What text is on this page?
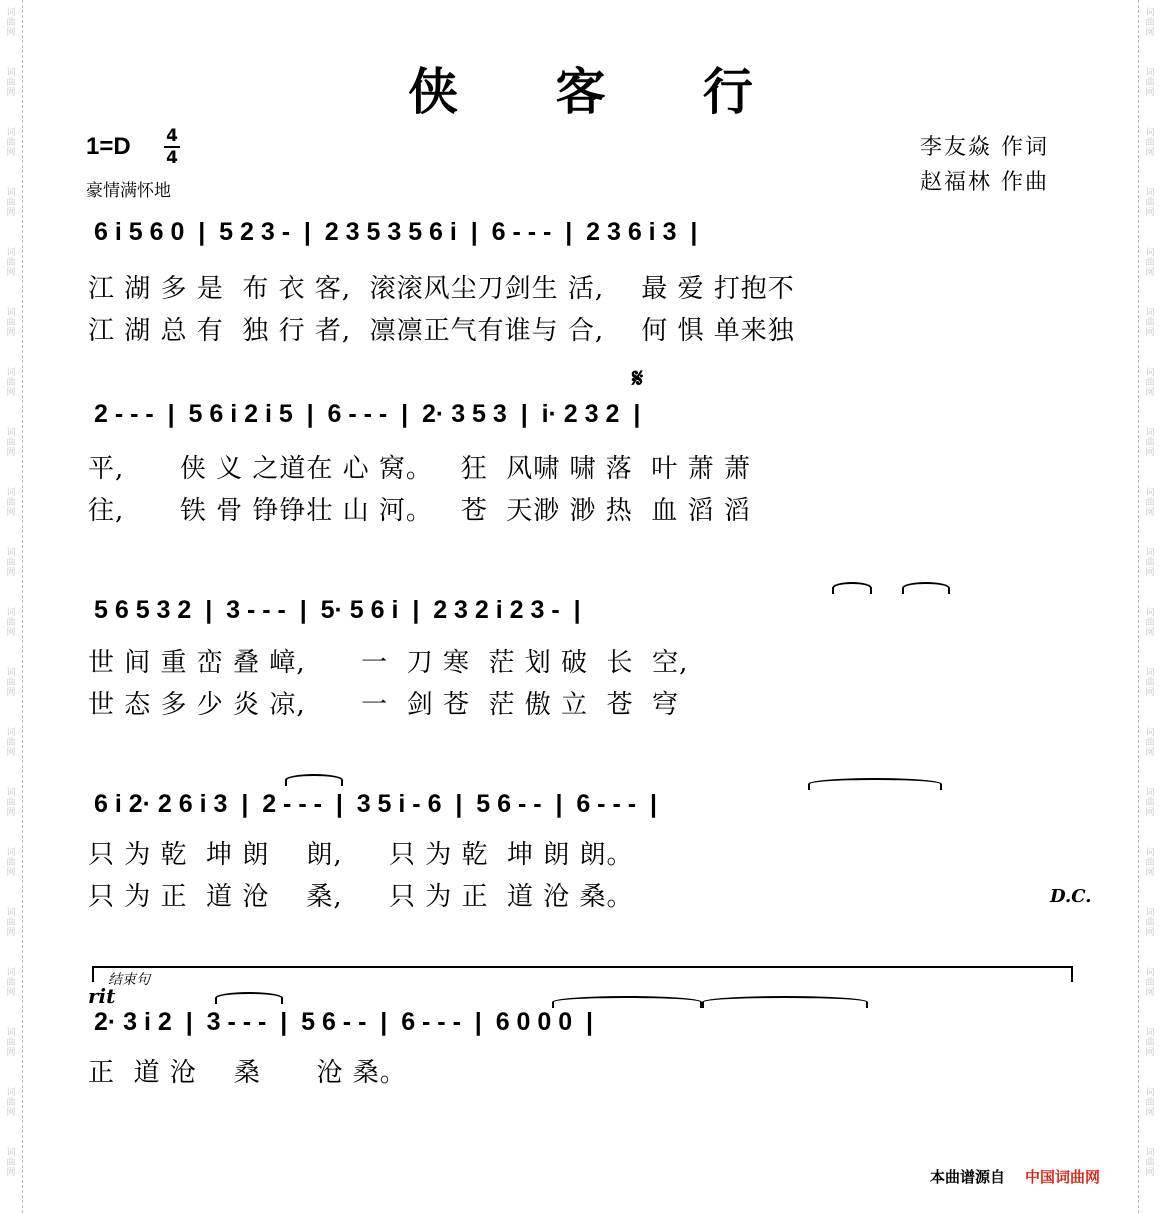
词
曲
网
词
曲
网
词
曲
网
词
曲
网
词
曲
网
词
曲
网
词
曲
网
词
曲
网
词
曲
网
词
曲
网
词
曲
网
词
曲
网
词
曲
网
词
曲
网
词
曲
网
词
曲
网
词
曲
网
词
曲
网
词
曲
网
词
曲
网
词
曲
网
词
曲
网
词
曲
网
词
曲
网
词
曲
网
词
曲
网
词
曲
网
词
曲
网
词
曲
网
词
曲
网
词
曲
网
词
曲
网
词
曲
网
词
曲
网
词
曲
网
词
曲
网
词
曲
网
词
曲
网
词
曲
网
词
曲
网
侠 客 行
1=D 4
4
豪情满怀地
李友焱 作词
赵福林 作曲
6 i 5 6 0  |  5 2 3 -  |  2 3 5 3 5 6 i  |  6 - - -  |  2 3 6 i 3  |
江 湖 多 是  布 衣 客,  滚滚风尘刀剑生 活,    最 爱 打抱不
江 湖 总 有  独 行 者,  凛凛正气有谁与 合,    何 惧 单来独
𝄋
2 - - -  |  5 6 i 2 i 5  |  6 - - -  |  2· 3 5 3  |  i· 2 3 2  |
平,      侠 义 之道在 心 窝。   狂  风啸 啸 落  叶 萧 萧
往,      铁 骨 铮铮壮 山 河。   苍  天渺 渺 热  血 滔 滔
5 6 5 3 2  |  3 - - -  |  5· 5 6 i  |  2 3 2 i 2 3 -  |
世 间 重 峦 叠 嶂,      一  刀 寒  茫 划 破  长  空,
世 态 多 少 炎 凉,      一  剑 苍  茫 傲 立  苍  穹
6 i 2· 2 6 i 3  |  2 - - -  |  3 5 i - 6  |  5 6 - -  |  6 - - -  |
只 为 乾  坤 朗    朗,     只 为 乾  坤 朗 朗。
只 为 正  道 沧    桑,     只 为 正  道 沧 桑。	D.C.
结束句
rit
2· 3 i 2  |  3 - - -  |  5 6 - -  |  6 - - -  |  6 0 0 0  |
正  道 沧    桑      沧 桑。
本曲谱源自 中国词曲网
